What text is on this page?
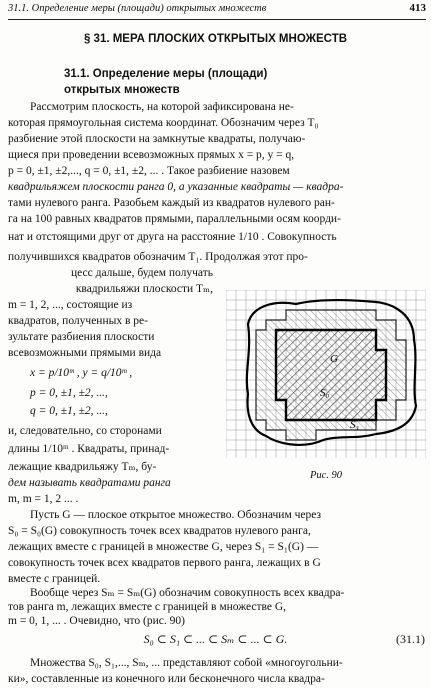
31.1. Определение меры (площади) открытых множеств	413
§ 31. МЕРА ПЛОСКИХ ОТКРЫТЫХ МНОЖЕСТВ
31.1. Определение меры (площади)
открытых множеств
Рассмотрим плоскость, на которой зафиксирована не-
которая прямоугольная система координат. Обозначим через T₀
разбиение этой плоскости на замкнутые квадраты, получаю-
щиеся при проведении всевозможных прямых x = p, y = q,
p = 0, ±1, ±2,..., q = 0, ±1, ±2, ... . Такое разбиение назовем
квадрильяжем плоскости ранга 0, а указанные квадраты — квадра-
тами нулевого ранга. Разобьем каждый из квадратов нулевого ран-
га на 100 равных квадратов прямыми, параллельными осям коорди-
нат и отстоящими друг от друга на расстояние 1/10 . Совокупность
получившихся квадратов обозначим T₁. Продолжая этот про-
цесс дальше, будем получать
квадрильяжи плоскости Tₘ,
m = 1, 2, ..., состоящие из
квадратов, полученных в ре-
зультате разбиения плоскости
всевозможными прямыми вида
x = p/10ᵐ , y = q/10ᵐ ,
p = 0, ±1, ±2, ...,
q = 0, ±1, ±2, ...,
и, следовательно, со сторонами
длины 1/10ᵐ . Квадраты, принад-
лежащие квадрильяжу Tₘ, бу-
дем называть квадратами ранга
m, m = 1, 2 ... .
G
S₀
S₁
Рис. 90
Пусть G — плоское открытое множество. Обозначим через
S₀ = S₀(G) совокупность точек всех квадратов нулевого ранга,
лежащих вместе с границей в множестве G, через S₁ = S₁(G) —
совокупность точек всех квадратов первого ранга, лежащих в G
вместе с границей.
Вообще через Sₘ = Sₘ(G) обозначим совокупность всех квадра-
S₀ ⊂ S₁ ⊂ ... ⊂ Sₘ ⊂ ... ⊂ G.	(31.1)
тов ранга m, лежащих вместе с границей в множестве G,
m = 0, 1, ... . Очевидно, что (рис. 90)
Множества S₀, S₁,..., Sₘ, ... представляют собой «многоугольни-
ки», составленные из конечного или бесконечного числа квадра-
